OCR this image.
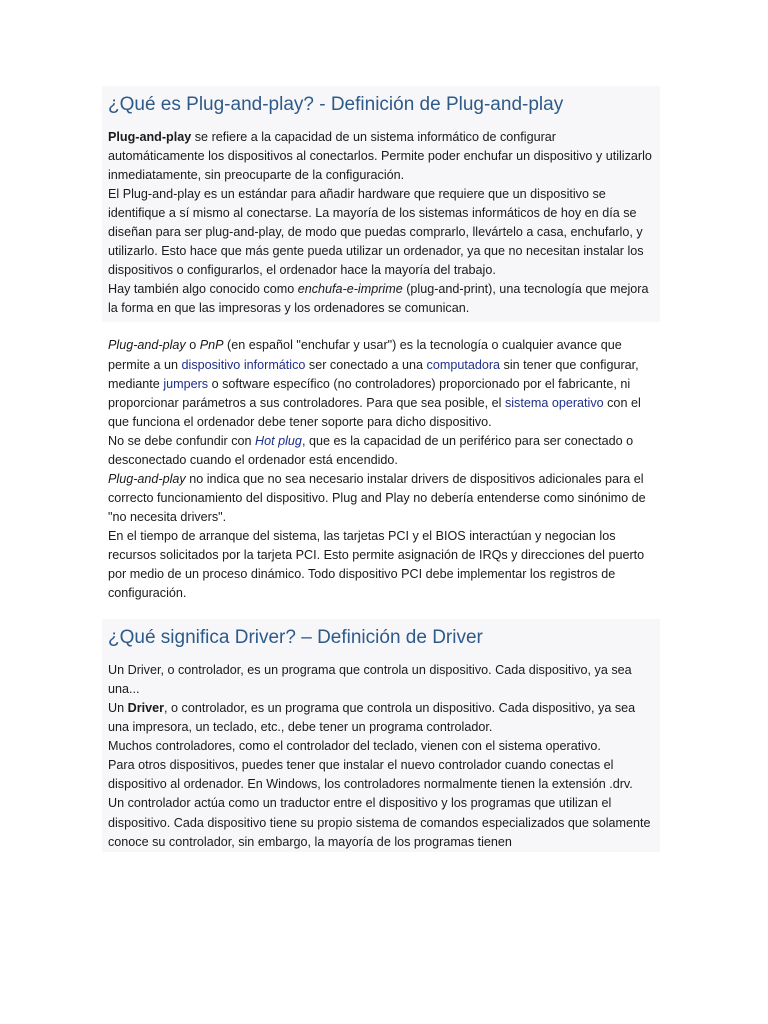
¿Qué es Plug-and-play? - Definición de Plug-and-play

Plug-and-play se refiere a la capacidad de un sistema informático de configurar automáticamente los dispositivos al conectarlos. Permite poder enchufar un dispositivo y utilizarlo inmediatamente, sin preocuparte de la configuración.

El Plug-and-play es un estándar para añadir hardware que requiere que un dispositivo se identifique a sí mismo al conectarse. La mayoría de los sistemas informáticos de hoy en día se diseñan para ser plug-and-play, de modo que puedas comprarlo, llevártelo a casa, enchufarlo, y utilizarlo. Esto hace que más gente pueda utilizar un ordenador, ya que no necesitan instalar los dispositivos o configurarlos, el ordenador hace la mayoría del trabajo.

Hay también algo conocido como enchufa-e-imprime (plug-and-print), una tecnología que mejora la forma en que las impresoras y los ordenadores se comunican.

Plug-and-play o PnP (en español "enchufar y usar") es la tecnología o cualquier avance que permite a un dispositivo informático ser conectado a una computadora sin tener que configurar, mediante jumpers o software específico (no controladores) proporcionado por el fabricante, ni proporcionar parámetros a sus controladores. Para que sea posible, el sistema operativo con el que funciona el ordenador debe tener soporte para dicho dispositivo.

No se debe confundir con Hot plug, que es la capacidad de un periférico para ser conectado o desconectado cuando el ordenador está encendido.

Plug-and-play no indica que no sea necesario instalar drivers de dispositivos adicionales para el correcto funcionamiento del dispositivo. Plug and Play no debería entenderse como sinónimo de "no necesita drivers".

En el tiempo de arranque del sistema, las tarjetas PCI y el BIOS interactúan y negocian los recursos solicitados por la tarjeta PCI. Esto permite asignación de IRQs y direcciones del puerto por medio de un proceso dinámico. Todo dispositivo PCI debe implementar los registros de configuración.

¿Qué significa Driver? – Definición de Driver

Un Driver, o controlador, es un programa que controla un dispositivo. Cada dispositivo, ya sea una...

Un Driver, o controlador, es un programa que controla un dispositivo. Cada dispositivo, ya sea una impresora, un teclado, etc., debe tener un programa controlador.

Muchos controladores, como el controlador del teclado, vienen con el sistema operativo.

Para otros dispositivos, puedes tener que instalar el nuevo controlador cuando conectas el dispositivo al ordenador. En Windows, los controladores normalmente tienen la extensión .drv.

Un controlador actúa como un traductor entre el dispositivo y los programas que utilizan el dispositivo. Cada dispositivo tiene su propio sistema de comandos especializados que solamente conoce su controlador, sin embargo, la mayoría de los programas tienen
